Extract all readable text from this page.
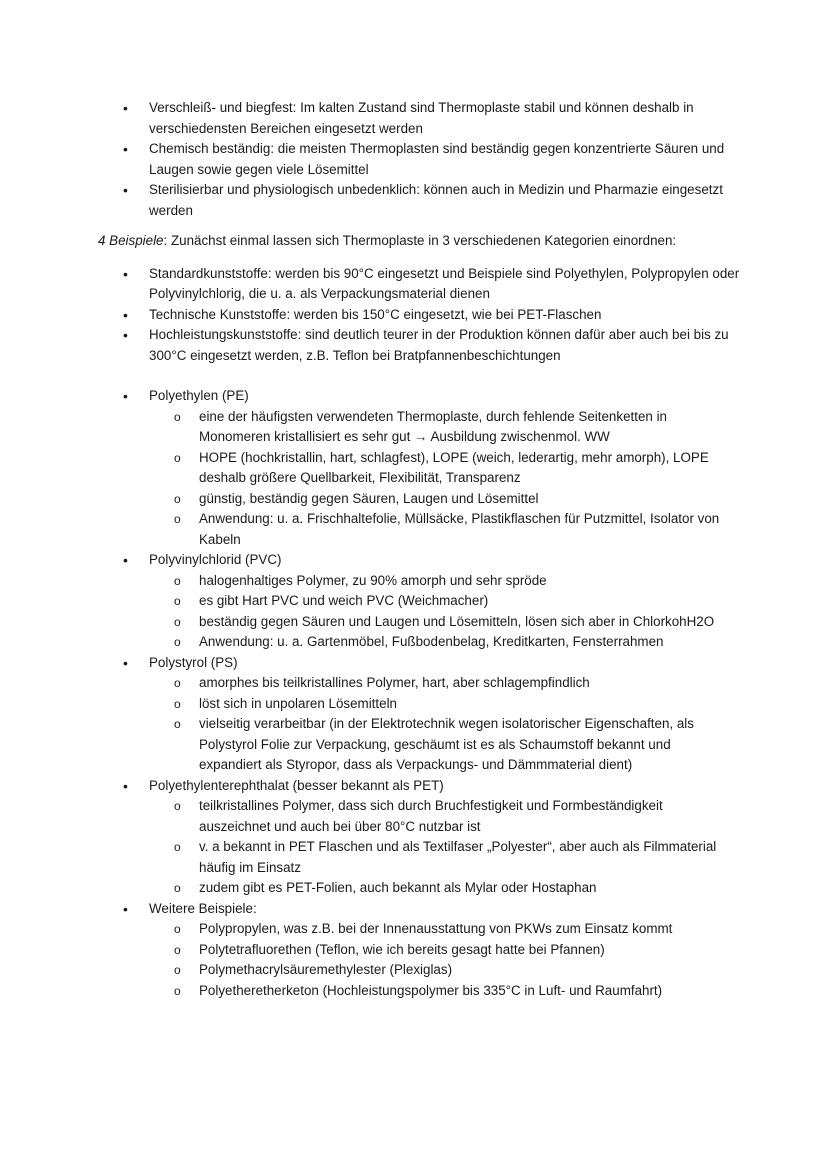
•	Verschleiß- und biegfest: Im kalten Zustand sind Thermoplaste stabil und können deshalb in verschiedensten Bereichen eingesetzt werden
•	Chemisch beständig: die meisten Thermoplasten sind beständig gegen konzentrierte Säuren und Laugen sowie gegen viele Lösemittel
•	Sterilisierbar und physiologisch unbedenklich: können auch in Medizin und Pharmazie eingesetzt werden

4 Beispiele: Zunächst einmal lassen sich Thermoplaste in 3 verschiedenen Kategorien einordnen:

•	Standardkunststoffe: werden bis 90°C eingesetzt und Beispiele sind Polyethylen, Polypropylen oder Polyvinylchlorig, die u. a. als Verpackungsmaterial dienen
•	Technische Kunststoffe: werden bis 150°C eingesetzt, wie bei PET-Flaschen
•	Hochleistungskunststoffe: sind deutlich teurer in der Produktion können dafür aber auch bei bis zu 300°C eingesetzt werden, z.B. Teflon bei Bratpfannenbeschichtungen
•	Polyethylen (PE)
o eine der häufigsten verwendeten Thermoplaste, durch fehlende Seitenketten in Monomeren kristallisiert es sehr gut → Ausbildung zwischenmol. WW
o HOPE (hochkristallin, hart, schlagfest), LOPE (weich, lederartig, mehr amorph), LOPE deshalb größere Quellbarkeit, Flexibilität, Transparenz
o günstig, beständig gegen Säuren, Laugen und Lösemittel
o Anwendung: u. a. Frischhaltefolie, Müllsäcke, Plastikflaschen für Putzmittel, Isolator von Kabeln
•	Polyvinylchlorid (PVC)
o halogenhaltiges Polymer, zu 90% amorph und sehr spröde
o es gibt Hart PVC und weich PVC (Weichmacher)
o beständig gegen Säuren und Laugen und Lösemitteln, lösen sich aber in ChlorkohH2O
o Anwendung: u. a. Gartenmöbel, Fußbodenbelag, Kreditkarten, Fensterrahmen
•	Polystyrol (PS)
o amorphes bis teilkristallines Polymer, hart, aber schlagempfindlich
o löst sich in unpolaren Lösemitteln
o vielseitig verarbeitbar (in der Elektrotechnik wegen isolatorischer Eigenschaften, als Polystyrol Folie zur Verpackung, geschäumt ist es als Schaumstoff bekannt und expandiert als Styropor, dass als Verpackungs- und Dämmmaterial dient)
•	Polyethylenterephthalat (besser bekannt als PET)
o teilkristallines Polymer, dass sich durch Bruchfestigkeit und Formbeständigkeit auszeichnet und auch bei über 80°C nutzbar ist
o v. a bekannt in PET Flaschen und als Textilfaser „Polyester“, aber auch als Filmmaterial häufig im Einsatz
o zudem gibt es PET-Folien, auch bekannt als Mylar oder Hostaphan
•	Weitere Beispiele:
o Polypropylen, was z.B. bei der Innenausstattung von PKWs zum Einsatz kommt
o Polytetrafluorethen (Teflon, wie ich bereits gesagt hatte bei Pfannen)
o Polymethacrylsäuremethylester (Plexiglas)
o Polyetheretherketon (Hochleistungspolymer bis 335°C in Luft- und Raumfahrt)
